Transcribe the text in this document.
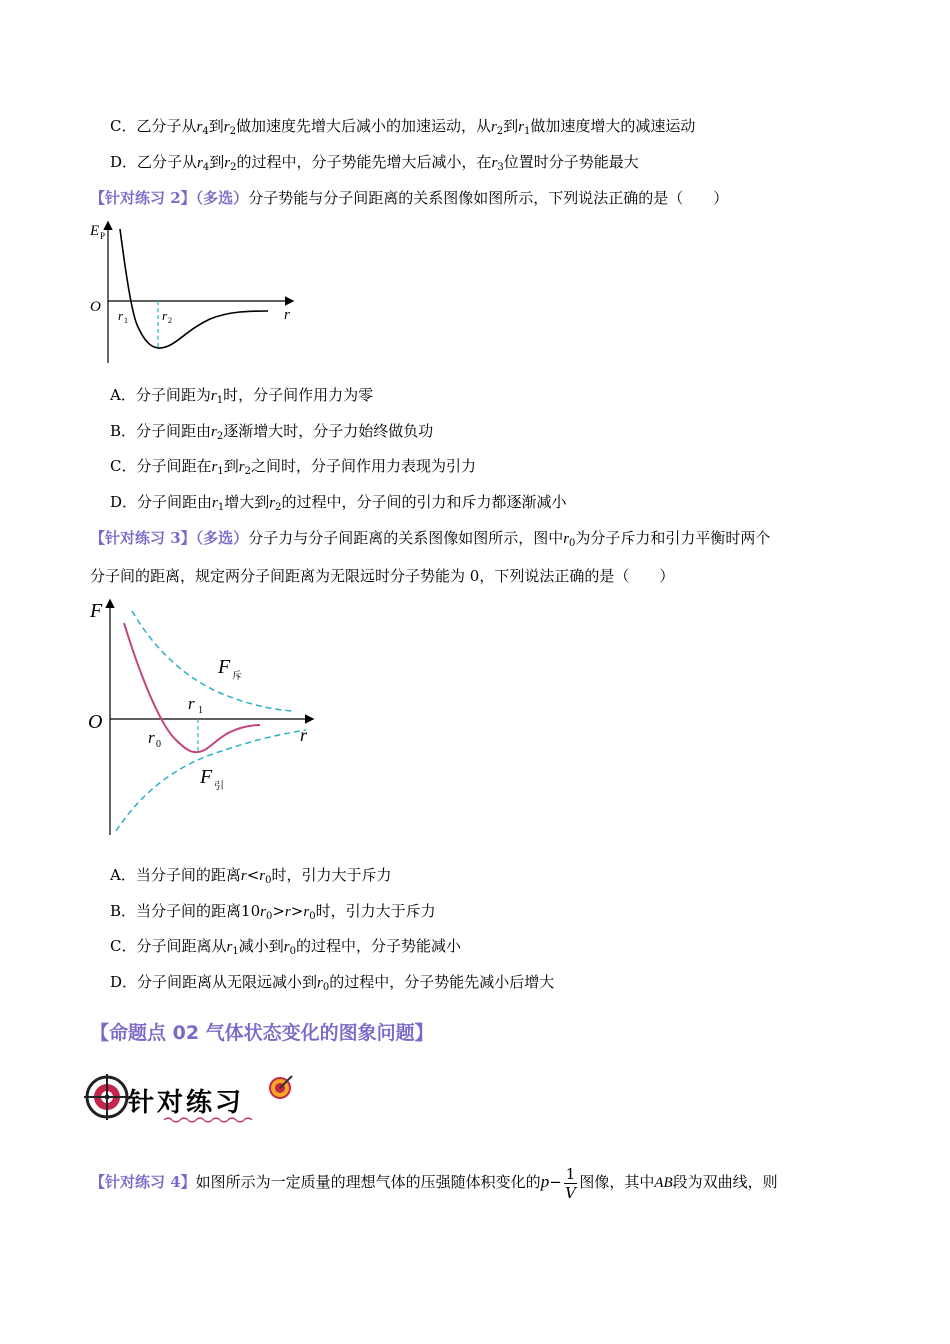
C．乙分子从$r_4$到$r_2$做加速度先增大后减小的加速运动，从$r_2$到$r_1$做加速度增大的减速运动
D．乙分子从$r_4$到$r_2$的过程中，分子势能先增大后减小，在$r_3$位置时分子势能最大
【针对练习 2】（多选）分子势能与分子间距离的关系图像如图所示，下列说法正确的是（　　）
E P
O	r
r 1	r 2
A．分子间距为$r_1$时，分子间作用力为零
B．分子间距由$r_2$逐渐增大时，分子力始终做负功
C．分子间距在$r_1$到$r_2$之间时，分子间作用力表现为引力
D．分子间距由$r_1$增大到$r_2$的过程中，分子间的引力和斥力都逐渐减小
【针对练习 3】（多选）分子力与分子间距离的关系图像如图所示，图中$r_0$为分子斥力和引力平衡时两个
分子间的距离，规定两分子间距离为无限远时分子势能为 0，下列说法正确的是（　　）
F
O
r
r 0
r 1
F 斥
F 引
A．当分子间的距离$r<r_0$时，引力大于斥力
B．当分子间的距离$10r_0>r>r_0$时，引力大于斥力
C．分子间距离从$r_1$减小到$r_0$的过程中，分子势能减小
D．分子间距离从无限远减小到$r_0$的过程中，分子势能先减小后增大
【命题点 02 气体状态变化的图象问题】
针对练习
【针对练习 4】如图所示为一定质量的理想气体的压强随体积变化的$p- \frac{1}{V}$ 图像，其中AB段为双曲线，则
